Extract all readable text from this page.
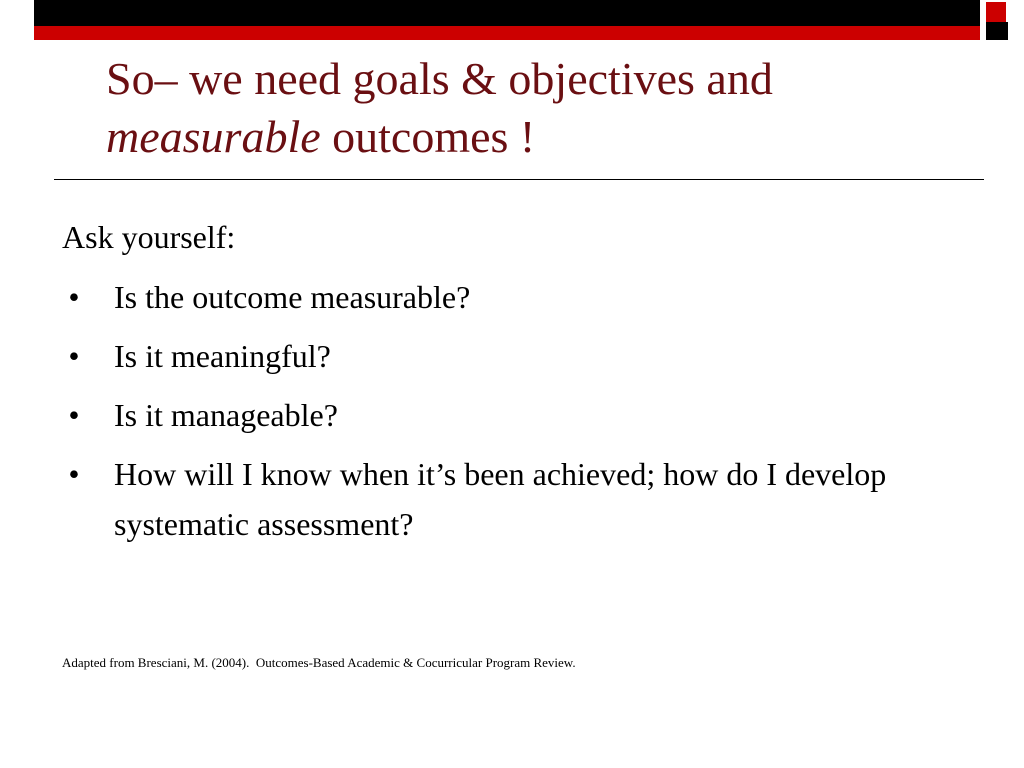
So– we need goals & objectives and
measurable outcomes !

Ask yourself:

• Is the outcome measurable?
• Is it meaningful?
• Is it manageable?
• How will I know when it’s been achieved; how do I develop systematic assessment?

Adapted from Bresciani, M. (2004).  Outcomes-Based Academic & Cocurricular Program Review.
